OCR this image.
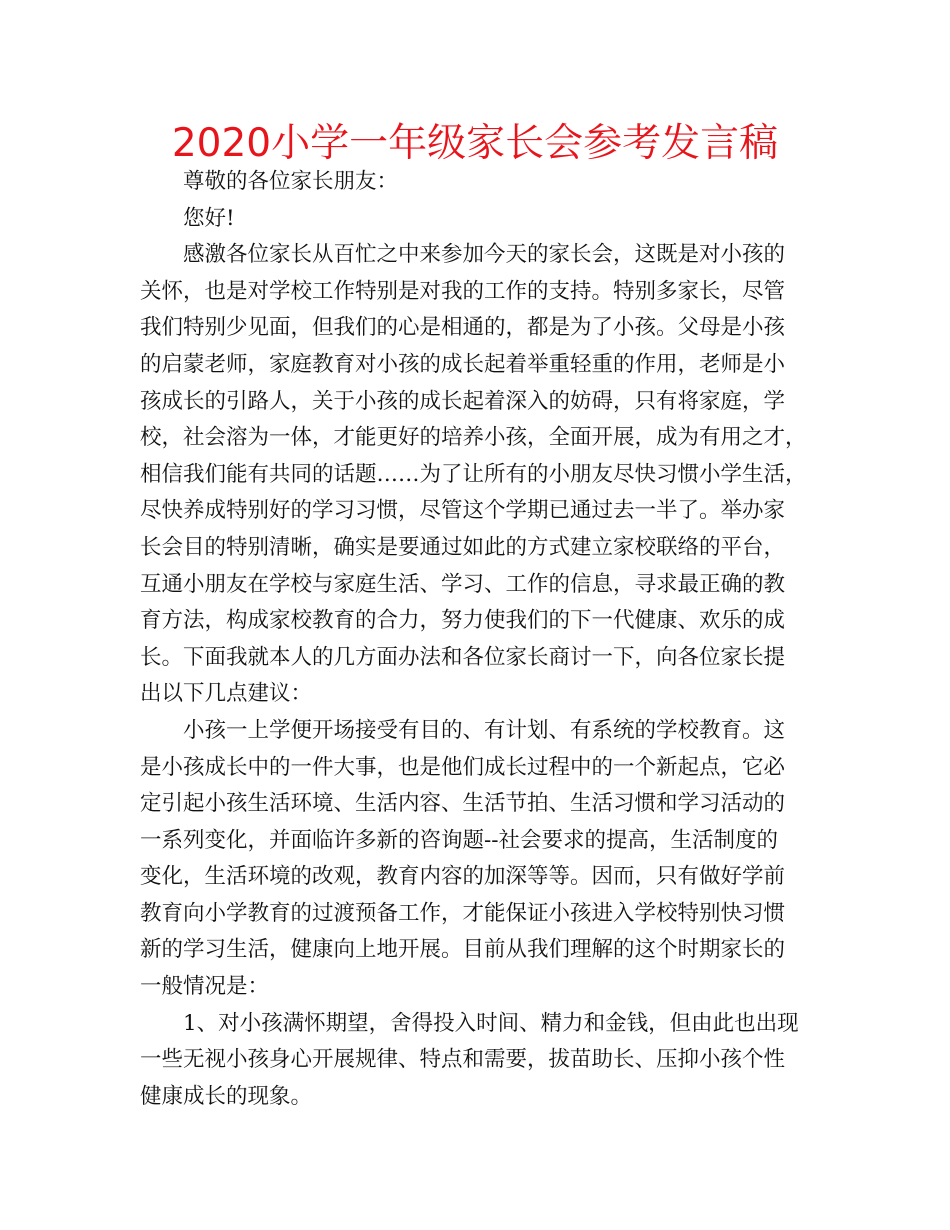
2020小学一年级家长会参考发言稿

尊敬的各位家长朋友：

您好!

感激各位家长从百忙之中来参加今天的家长会，这既是对小孩的
关怀，也是对学校工作特别是对我的工作的支持。特别多家长，尽管
我们特别少见面，但我们的心是相通的，都是为了小孩。父母是小孩
的启蒙老师，家庭教育对小孩的成长起着举重轻重的作用，老师是小
孩成长的引路人，关于小孩的成长起着深入的妨碍，只有将家庭，学
校，社会溶为一体，才能更好的培养小孩，全面开展，成为有用之才，
相信我们能有共同的话题……为了让所有的小朋友尽快习惯小学生活，
尽快养成特别好的学习习惯，尽管这个学期已通过去一半了。举办家
长会目的特别清晰，确实是要通过如此的方式建立家校联络的平台，
互通小朋友在学校与家庭生活、学习、工作的信息，寻求最正确的教
育方法，构成家校教育的合力，努力使我们的下一代健康、欢乐的成
长。下面我就本人的几方面办法和各位家长商讨一下，向各位家长提
出以下几点建议：

小孩一上学便开场接受有目的、有计划、有系统的学校教育。这
是小孩成长中的一件大事，也是他们成长过程中的一个新起点，它必
定引起小孩生活环境、生活内容、生活节拍、生活习惯和学习活动的
一系列变化，并面临许多新的咨询题--社会要求的提高，生活制度的
变化，生活环境的改观，教育内容的加深等等。因而，只有做好学前
教育向小学教育的过渡预备工作，才能保证小孩进入学校特别快习惯
新的学习生活，健康向上地开展。目前从我们理解的这个时期家长的
一般情况是：

1、对小孩满怀期望，舍得投入时间、精力和金钱，但由此也出现
一些无视小孩身心开展规律、特点和需要，拔苗助长、压抑小孩个性
健康成长的现象。
